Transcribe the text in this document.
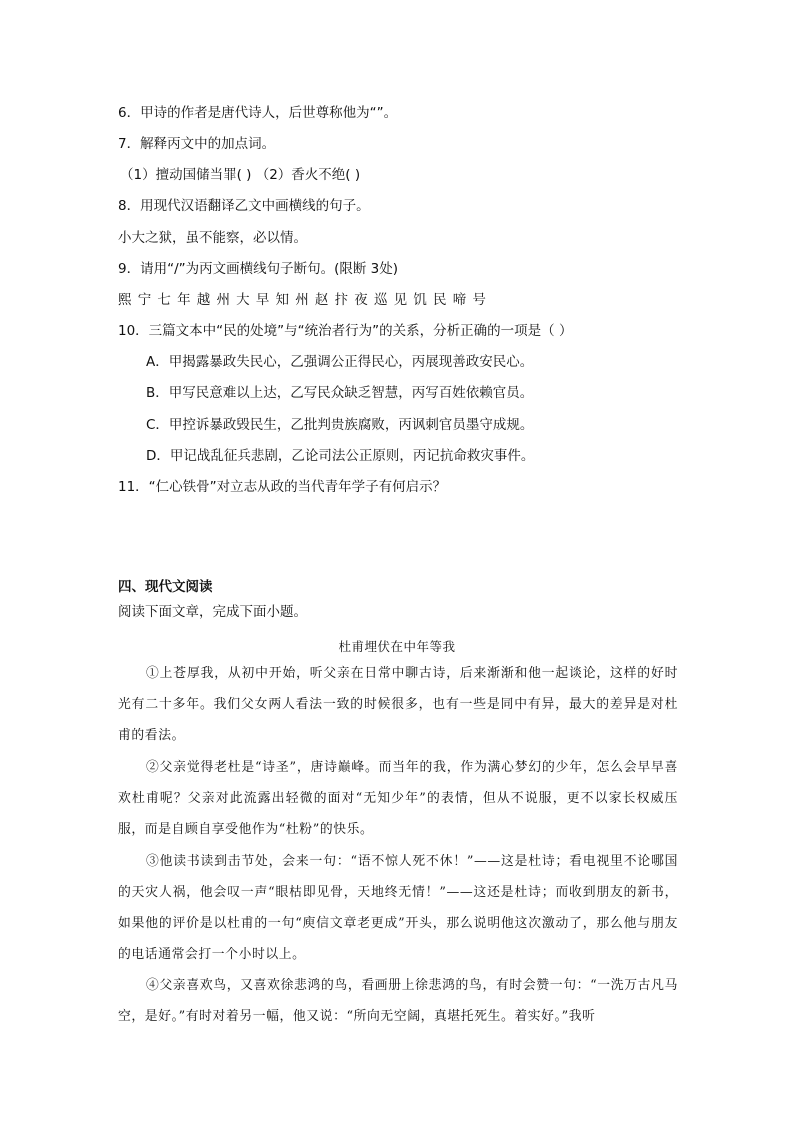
6．甲诗的作者是唐代诗人，后世尊称他为“”。
7．解释丙文中的加点词。
（1）擅动国储当罪( ) （2）香火不绝( )
8．用现代汉语翻译乙文中画横线的句子。
小大之狱，虽不能察，必以情。
9．请用“/”为丙文画横线句子断句。(限断 3处)
熙 宁 七 年 越 州 大 早 知 州 赵 抃 夜 巡 见 饥 民 啼 号
10．三篇文本中“民的处境”与“统治者行为”的关系，分析正确的一项是（ ）
A．甲揭露暴政失民心，乙强调公正得民心，丙展现善政安民心。
B．甲写民意难以上达，乙写民众缺乏智慧，丙写百姓依赖官员。
C．甲控诉暴政毁民生，乙批判贵族腐败，丙讽刺官员墨守成规。
D．甲记战乱征兵悲剧，乙论司法公正原则，丙记抗命救灾事件。
11．“仁心铁骨”对立志从政的当代青年学子有何启示？
四、现代文阅读
阅读下面文章，完成下面小题。
杜甫埋伏在中年等我
①上苍厚我，从初中开始，听父亲在日常中聊古诗，后来渐渐和他一起谈论，这样的好时光有二十多年。我们父女两人看法一致的时候很多，也有一些是同中有异，最大的差异是对杜甫的看法。
②父亲觉得老杜是“诗圣”，唐诗巅峰。而当年的我，作为满心梦幻的少年，怎么会早早喜欢杜甫呢？父亲对此流露出轻微的面对“无知少年”的表情，但从不说服，更不以家长权威压服，而是自顾自享受他作为“杜粉”的快乐。
③他读书读到击节处，会来一句：“语不惊人死不休！”——这是杜诗；看电视里不论哪国的天灾人祸，他会叹一声“眼枯即见骨，天地终无情！”——这还是杜诗；而收到朋友的新书，如果他的评价是以杜甫的一句“庾信文章老更成”开头，那么说明他这次激动了，那么他与朋友的电话通常会打一个小时以上。
④父亲喜欢鸟，又喜欢徐悲鸿的鸟，看画册上徐悲鸿的鸟，有时会赞一句：“一洗万古凡马空，是好。”有时对着另一幅，他又说：“所向无空阔，真堪托死生。着实好。”我听
